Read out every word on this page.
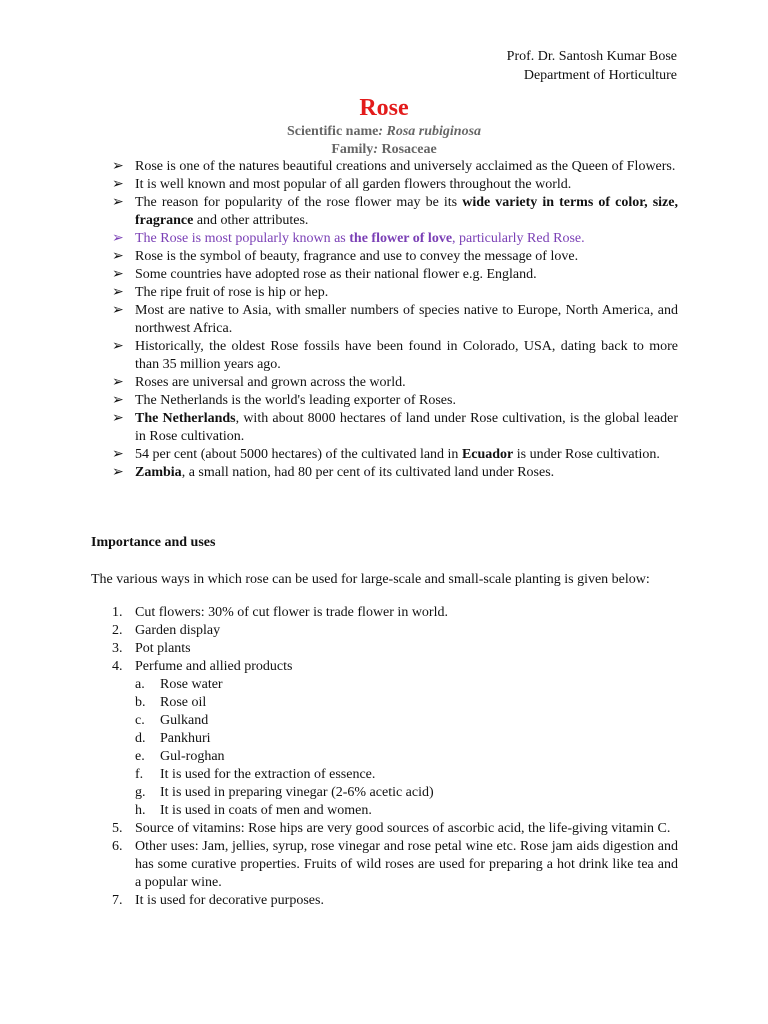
Prof. Dr. Santosh Kumar Bose
Department of Horticulture
Rose
Scientific name: Rosa rubiginosa
Family: Rosaceae
➢ Rose is one of the natures beautiful creations and universely acclaimed as the Queen of Flowers.
➢ It is well known and most popular of all garden flowers throughout the world.
➢ The reason for popularity of the rose flower may be its wide variety in terms of color, size, fragrance and other attributes.
➢ The Rose is most popularly known as the flower of love, particularly Red Rose.
➢ Rose is the symbol of beauty, fragrance and use to convey the message of love.
➢ Some countries have adopted rose as their national flower e.g. England.
➢ The ripe fruit of rose is hip or hep.
➢ Most are native to Asia, with smaller numbers of species native to Europe, North America, and northwest Africa.
➢ Historically, the oldest Rose fossils have been found in Colorado, USA, dating back to more than 35 million years ago.
➢ Roses are universal and grown across the world.
➢ The Netherlands is the world's leading exporter of Roses.
➢ The Netherlands, with about 8000 hectares of land under Rose cultivation, is the global leader in Rose cultivation.
➢ 54 per cent (about 5000 hectares) of the cultivated land in Ecuador is under Rose cultivation.
➢ Zambia, a small nation, had 80 per cent of its cultivated land under Roses.
Importance and uses
The various ways in which rose can be used for large-scale and small-scale planting is given below:
1. Cut flowers: 30% of cut flower is trade flower in world.
2. Garden display
3. Pot plants
4. Perfume and allied products
a. Rose water
b. Rose oil
c. Gulkand
d. Pankhuri
e. Gul-roghan
f. It is used for the extraction of essence.
g. It is used in preparing vinegar (2-6% acetic acid)
h. It is used in coats of men and women.
5. Source of vitamins: Rose hips are very good sources of ascorbic acid, the life-giving vitamin C.
6. Other uses: Jam, jellies, syrup, rose vinegar and rose petal wine etc. Rose jam aids digestion and has some curative properties. Fruits of wild roses are used for preparing a hot drink like tea and a popular wine.
7. It is used for decorative purposes.
